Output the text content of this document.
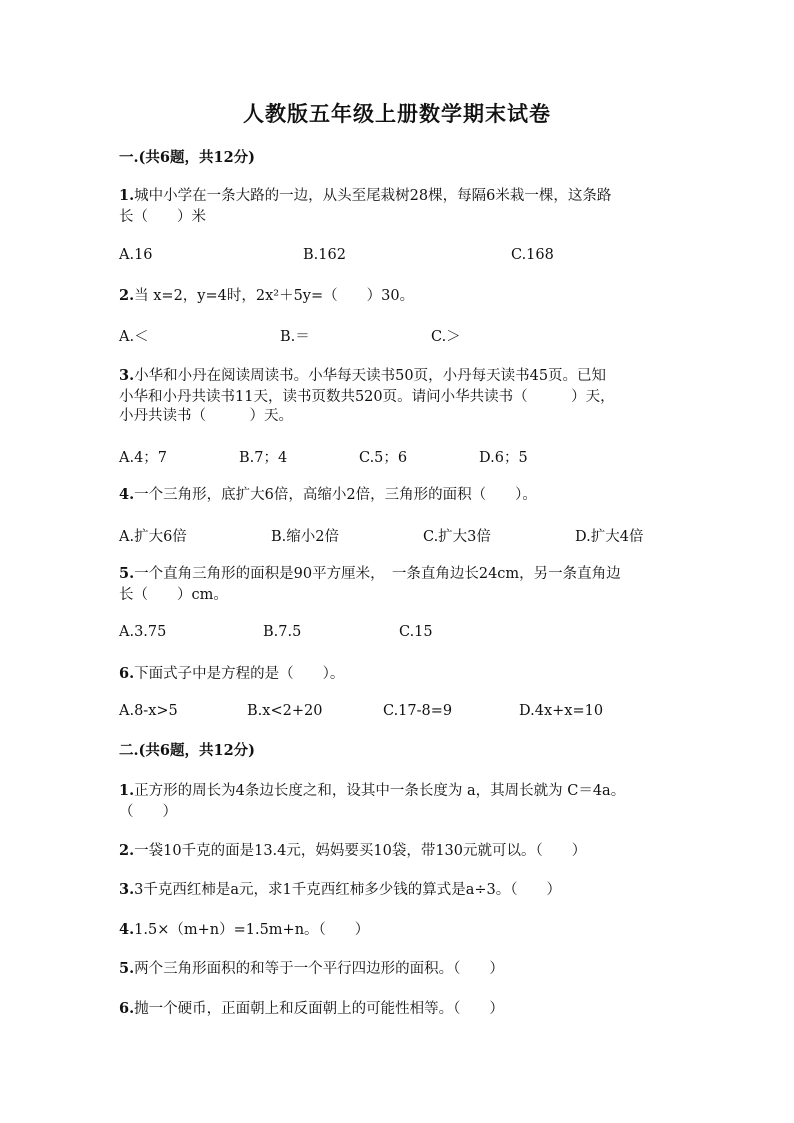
人教版五年级上册数学期末试卷
一.(共6题，共12分)
1.城中小学在一条大路的一边，从头至尾栽树28棵，每隔6米栽一棵，这条路
长（　　）米
A.16	B.162	C.168
2.当 x=2，y=4时，2x²＋5y=（　　）30。
A.＜	B.＝	C.＞
3.小华和小丹在阅读周读书。小华每天读书50页，小丹每天读书45页。已知
小华和小丹共读书11天，读书页数共520页。请问小华共读书（　　　）天，
小丹共读书（　　　）天。
A.4；7	B.7；4	C.5；6	D.6；5
4.一个三角形，底扩大6倍，高缩小2倍，三角形的面积（　　）。
A.扩大6倍	B.缩小2倍	C.扩大3倍	D.扩大4倍
5.一个直角三角形的面积是90平方厘米，　一条直角边长24cm，另一条直角边
长（　　）cm。
A.3.75	B.7.5	C.15
6.下面式子中是方程的是（　　）。
A.8-x>5	B.x<2+20	C.17-8=9	D.4x+x=10
二.(共6题，共12分)
1.正方形的周长为4条边长度之和，设其中一条长度为 a，其周长就为 C＝4a。
（　　）
2.一袋10千克的面是13.4元，妈妈要买10袋，带130元就可以。（　　）
3.3千克西红柿是a元，求1千克西红柿多少钱的算式是a÷3。（　　）
4.1.5×（m+n）=1.5m+n。（　　）
5.两个三角形面积的和等于一个平行四边形的面积。（　　）
6.抛一个硬币，正面朝上和反面朝上的可能性相等。（　　）
